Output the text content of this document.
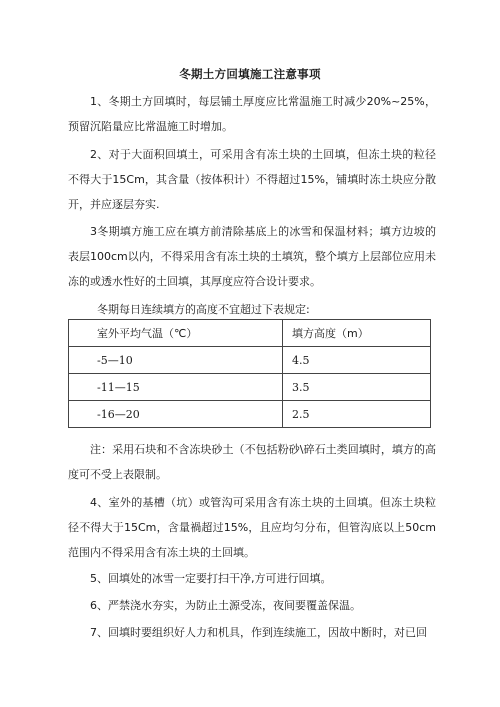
冬期土方回填施工注意事项

1、冬期土方回填时，每层铺土厚度应比常温施工时减少20%~25%，预留沉陷量应比常温施工时增加。

2、对于大面积回填土，可采用含有冻土块的土回填，但冻土块的粒径不得大于15Cm，其含量（按体积计）不得超过15%，铺填时冻土块应分散开，并应逐层夯实.

3冬期填方施工应在填方前清除基底上的冰雪和保温材料；填方边坡的表层100cm以内，不得采用含有冻土块的土填筑，整个填方上层部位应用未冻的或透水性好的土回填，其厚度应符合设计要求。

冬期每日连续填方的高度不宜超过下表规定:
室外平均气温（℃）	填方高度（m）
-5—10	4.5
-11—15	3.5
-16—20	2.5

注：采用石块和不含冻块砂土（不包括粉砂\碎石土类回填时，填方的高度可不受上表限制。

4、室外的基槽（坑）或管沟可采用含有冻土块的土回填。但冻土块粒径不得大于15Cm，含量禍超过15%，且应均匀分布，但管沟底以上50cm范围内不得采用含有冻土块的土回填。

5、回填处的冰雪一定要打扫干净,方可进行回填。

6、严禁浇水夯实，为防止土源受冻，夜间要覆盖保温。

7、回填时要组织好人力和机具，作到连续施工，因故中断时，对已回
